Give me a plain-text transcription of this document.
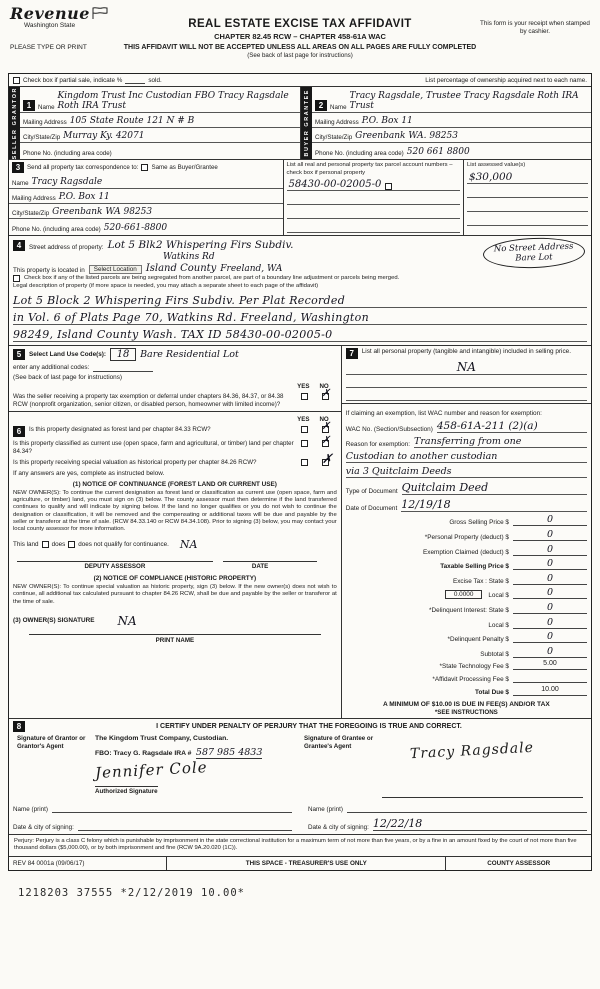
Revenue
Washington State	REAL ESTATE EXCISE TAX AFFIDAVIT
CHAPTER 82.45 RCW – CHAPTER 458-61A WAC
This form is your receipt when stamped by cashier.
PLEASE TYPE OR PRINT	THIS AFFIDAVIT WILL NOT BE ACCEPTED UNLESS ALL AREAS ON ALL PAGES ARE FULLY COMPLETED
(See back of last page for instructions)
Check box if partial sale, indicate %	sold.	List percentage of ownership acquired next to each name.
SELLER GRANTOR	1	Name
Kingdom Trust Inc Custodian FBO Tracy Ragsdale Roth IRA Trust
Mailing Address 105 State Route 121 N # B
City/State/Zip Murray Ky. 42071
Phone No. (including area code)	BUYER GRANTEE	2	Name
Tracy Ragsdale, Trustee Tracy Ragsdale Roth IRA Trust
Mailing Address P.O. Box 11
City/State/Zip Greenbank WA. 98253
Phone No. (including area code) 520 661 8800
3	Send all property tax correspondence to: Same as Buyer/Grantee
Name Tracy Ragsdale
Mailing Address P.O. Box 11
City/State/Zip Greenbank WA 98253
Phone No. (including area code) 520-661-8800
List all real and personal property tax parcel account numbers – check box if personal property
58430-00-02005-0
List assessed value(s)
$30,000
No Street Address
Bare Lot
4	Street address of property: Lot 5 Blk2 Whispering Firs Subdiv.
Watkins Rd
This property is located in	Select Location Island County Freeland, WA
Check box if any of the listed parcels are being segregated from another parcel, are part of a boundary line adjustment or parcels being merged.
Legal description of property (if more space is needed, you may attach a separate sheet to each page of the affidavit)
Lot 5 Block 2 Whispering Firs Subdiv. Per Plat Recorded
in Vol. 6 of Plats Page 70, Watkins Rd. Freeland, Washington
98249, Island County Wash. TAX ID 58430-00-02005-0
5	Select Land Use Code(s):	18	Bare Residential Lot
enter any additional codes:
(See back of last page for instructions)
YES NO
Was the seller receiving a property tax exemption or deferral under chapters 84.36, 84.37, or 84.38 RCW (nonprofit organization, senior citizen, or disabled person, homeowner with limited income)?
✗
YES NO
6	Is this property designated as forest land per chapter 84.33 RCW?	✗
Is this property classified as current use (open space, farm and agricultural, or timber) land per chapter 84.34?
✗
Is this property receiving special valuation as historical property per chapter 84.26 RCW?	✗
If any answers are yes, complete as instructed below.
(1) NOTICE OF CONTINUANCE (FOREST LAND OR CURRENT USE)
NEW OWNER(S): To continue the current designation as forest land or classification as current use (open space, farm and agriculture, or timber) land, you must sign on (3) below. The county assessor must then determine if the land transferred continues to qualify and will indicate by signing below. If the land no longer qualifies or you do not wish to continue the designation or classification, it will be removed and the compensating or additional taxes will be due and payable by the seller or transferor at the time of sale. (RCW 84.33.140 or RCW 84.34.108). Prior to signing (3) below, you may contact your local county assessor for more information.
This land does does not qualify for continuance. NA
DEPUTY ASSESSOR	DATE
(2) NOTICE OF COMPLIANCE (HISTORIC PROPERTY)
NEW OWNER(S): To continue special valuation as historic property, sign (3) below. If the new owner(s) does not wish to continue, all additional tax calculated pursuant to chapter 84.26 RCW, shall be due and payable by the seller or transferor at the time of sale.
(3) OWNER(S) SIGNATURE NA
PRINT NAME
7	List all personal property (tangible and intangible) included in selling price.
NA
If claiming an exemption, list WAC number and reason for exemption:
WAC No. (Section/Subsection) 458-61A-211 (2)(a)
Reason for exemption: Transferring from one
Custodian to another custodian
via 3 Quitclaim Deeds
Type of Document Quitclaim Deed
Date of Document 12/19/18
Gross Selling Price $	0
*Personal Property (deduct) $	0
Exemption Claimed (deduct) $	0
Taxable Selling Price $	0
Excise Tax : State $	0
0.0000	Local $	0
*Delinquent Interest: State $	0
Local $	0
*Delinquent Penalty $	0
Subtotal $	0
*State Technology Fee $	5.00
*Affidavit Processing Fee $
Total Due $	10.00
A MINIMUM OF $10.00 IS DUE IN FEE(S) AND/OR TAX
*SEE INSTRUCTIONS
8	I CERTIFY UNDER PENALTY OF PERJURY THAT THE FOREGOING IS TRUE AND CORRECT.
Signature of Grantor or Grantor's Agent
The Kingdom Trust Company, Custodian.
FBO: Tracy G. Ragsdale IRA # 587 985 4833
Jennifer Cole
Authorized Signature
Signature of Grantee or Grantee's Agent	Tracy Ragsdale
Name (print)	Name (print)
Date & city of signing:	Date & city of signing: 12/22/18
Perjury: Perjury is a class C felony which is punishable by imprisonment in the state correctional institution for a maximum term of not more than five years, or by a fine in an amount fixed by the court of not more than five thousand dollars ($5,000.00), or by both imprisonment and fine (RCW 9A.20.020 (1C)).
REV 84 0001a (09/06/17)	THIS SPACE - TREASURER'S USE ONLY	COUNTY ASSESSOR
1218203 37555 *2/12/2019 10.00*
